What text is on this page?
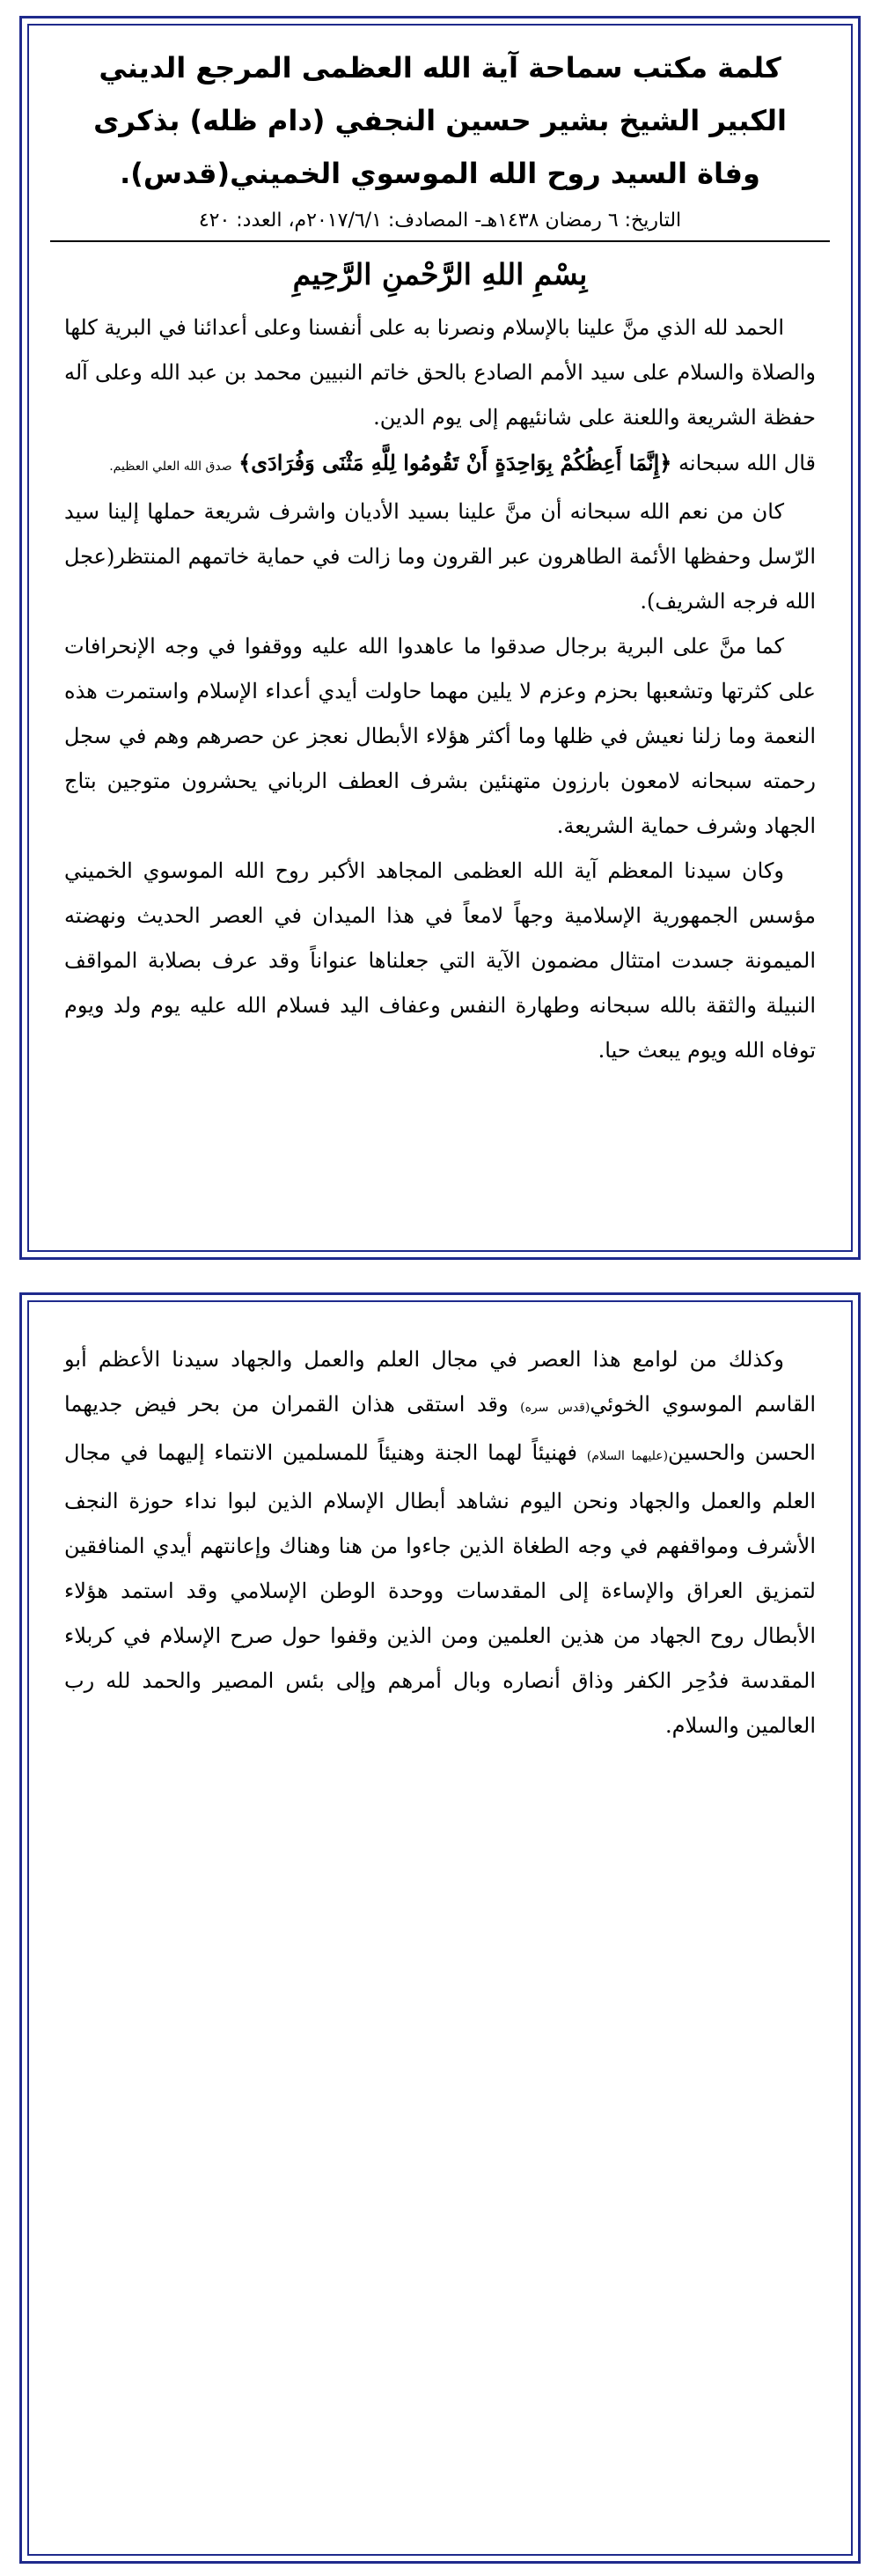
كلمة مكتب سماحة آية الله العظمى المرجع الديني الكبير الشيخ بشير حسين النجفي (دام ظله) بذكرى وفاة السيد روح الله الموسوي الخميني(قدس).
التاريخ: ٦ رمضان ١٤٣٨هـ- المصادف: ٢٠١٧/٦/١م، العدد: ٤٢٠
بِسْمِ اللهِ الرَّحْمنِ الرَّحِيمِ

الحمد لله الذي منَّ علينا بالإسلام ونصرنا به على أنفسنا وعلى أعدائنا في البرية كلها والصلاة والسلام على سيد الأمم الصادع بالحق خاتم النبيين محمد بن عبد الله وعلى آله حفظة الشريعة واللعنة على شانئيهم إلى يوم الدين.

قال الله سبحانه ﴿إِنَّمَا أَعِظُكُمْ بِوَاحِدَةٍ أَنْ تَقُومُوا لِلَّهِ مَثْنَى وَفُرَادَى﴾ صدق الله العلي العظيم.

كان من نعم الله سبحانه أن منَّ علينا بسيد الأديان واشرف شريعة حملها إلينا سيد الرّسل وحفظها الأئمة الطاهرون عبر القرون وما زالت في حماية خاتمهم المنتظر(عجل الله فرجه الشريف).

كما منَّ على البرية برجال صدقوا ما عاهدوا الله عليه ووقفوا في وجه الإنحرافات على كثرتها وتشعبها بحزم وعزم لا يلين مهما حاولت أيدي أعداء الإسلام واستمرت هذه النعمة وما زلنا نعيش في ظلها وما أكثر هؤلاء الأبطال نعجز عن حصرهم وهم في سجل رحمته سبحانه لامعون بارزون متهنئين بشرف العطف الرباني يحشرون متوجين بتاج الجهاد وشرف حماية الشريعة.

وكان سيدنا المعظم آية الله العظمى المجاهد الأكبر روح الله الموسوي الخميني مؤسس الجمهورية الإسلامية وجهاً لامعاً في هذا الميدان في العصر الحديث ونهضته الميمونة جسدت امتثال مضمون الآية التي جعلناها عنواناً وقد عرف بصلابة المواقف النبيلة والثقة بالله سبحانه وطهارة النفس وعفاف اليد فسلام الله عليه يوم ولد ويوم توفاه الله ويوم يبعث حيا.

وكذلك من لوامع هذا العصر في مجال العلم والعمل والجهاد سيدنا الأعظم أبو القاسم الموسوي الخوئي(قدس سره) وقد استقى هذان القمران من بحر فيض جديهما الحسن والحسين(عليهما السلام) فهنيئاً لهما الجنة وهنيئاً للمسلمين الانتماء إليهما في مجال العلم والعمل والجهاد ونحن اليوم نشاهد أبطال الإسلام الذين لبوا نداء حوزة النجف الأشرف ومواقفهم في وجه الطغاة الذين جاءوا من هنا وهناك وإعانتهم أيدي المنافقين لتمزيق العراق والإساءة إلى المقدسات ووحدة الوطن الإسلامي وقد استمد هؤلاء الأبطال روح الجهاد من هذين العلمين ومن الذين وقفوا حول صرح الإسلام في كربلاء المقدسة فدُحِر الكفر وذاق أنصاره وبال أمرهم وإلى بئس المصير والحمد لله رب العالمين والسلام.
